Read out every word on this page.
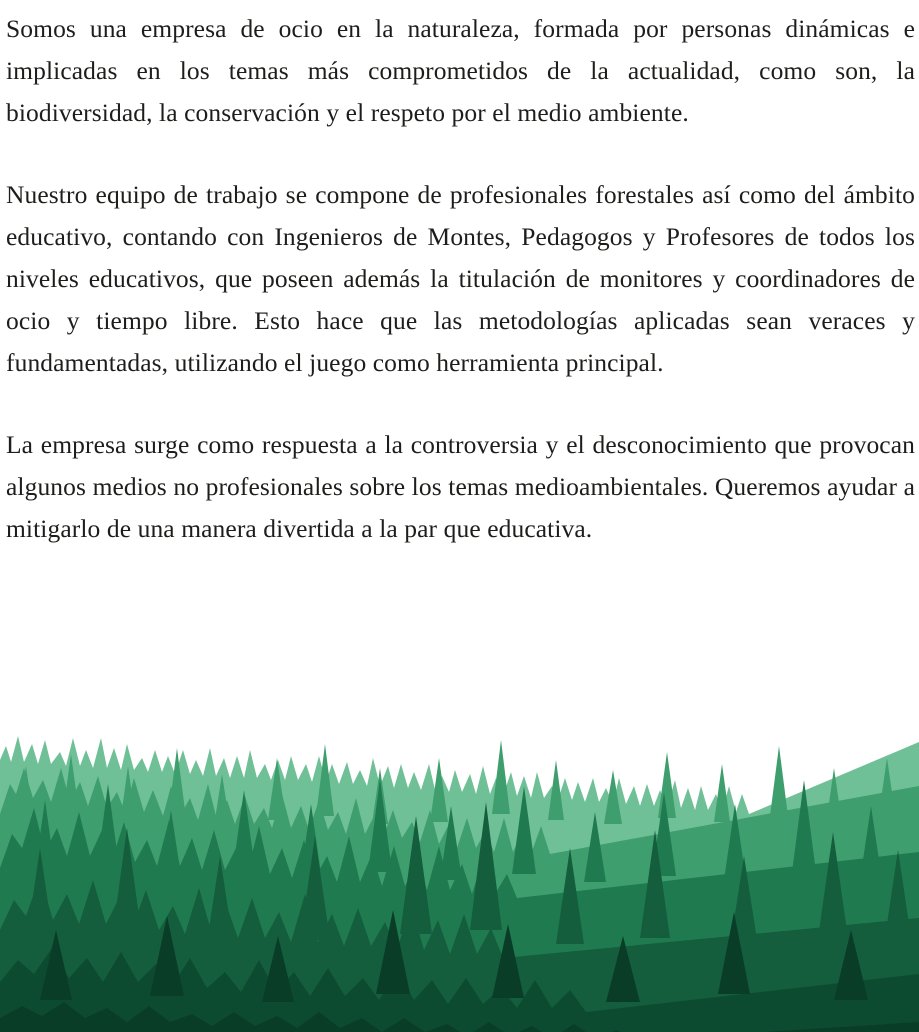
Somos una empresa de ocio en la naturaleza, formada por personas dinámicas e implicadas en los temas más comprometidos de la actualidad, como son, la biodiversidad, la conservación y el respeto por el medio ambiente.

Nuestro equipo de trabajo se compone de profesionales forestales así como del ámbito educativo, contando con Ingenieros de Montes, Pedagogos y Profesores de todos los niveles educativos, que poseen además la titulación de monitores y coordinadores de ocio y tiempo libre. Esto hace que las metodologías aplicadas sean veraces y fundamentadas, utilizando el juego como herramienta principal.

La empresa surge como respuesta a la controversia y el desconocimiento que provocan algunos medios no profesionales sobre los temas medioambientales. Queremos ayudar a mitigarlo de una manera divertida a la par que educativa.
